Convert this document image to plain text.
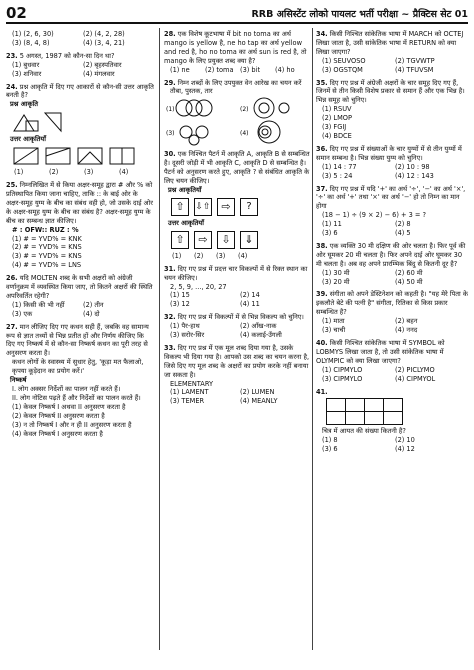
02	RRB असिस्टेंट लोको पायलट भर्ती परीक्षा ~ प्रैक्टिस सेट 01
(1) (2, 6, 30)	(2) (4, 2, 28)
(3) (8, 4, 8)	(4) (3, 4, 21)
23. 5 अगस्त, 1987 को कौन-सा दिन था?
(1) बुधवार	(2) बृहस्पतिवार
(3) शनिवार	(4) मंगलवार
24. प्रश्न आकृति में दिए गए आकारों से कौन-सी उत्तर आकृति बनती है?
प्रश्न आकृति
उत्तर आकृतियाँ
(1)	(2)	(3)	(4)
25. निम्नलिखित में से किया अक्षर-समूह द्वारा # और % को प्रतिस्थापित किया जाना चाहिए, ताकि :: के बाई ओर के अक्षर-समूह युग्म के बीच का संबंध वही हो, जो उसके दाई ओर के अक्षर-समूह युग्म के बीच का संबंध है? अक्षर-समूह युग्म के बीच का सम्बन्ध ज्ञात कीजिए।
# : OFW:: RUZ : %
(1) # = YVD% = KNK
(2) # = YVD% = KNS
(3) # = YVD% = KNS
(4) # = YVD% = LNS
26. यदि MOLTEN शब्द के सभी अक्षरों को अंग्रेजी वर्णानुक्रम में व्यवस्थित किया जाए, तो कितने अक्षरों की स्थिति अपरिवर्तित रहेगी?
(1) किसी की भी नहीं	(2) तीन
(3) एक	(4) दो
27. मान लीजिए दिए गए कथन सही हैं, जबकि वह सामान्य रूप से ज्ञात तथ्यों से भिन्न प्रतीत हों और निर्णय कीजिए कि दिए गए निष्कर्ष में से कौन-सा निष्कर्ष कथन का पूरी तरह से अनुसरण करता है।
कथन लोगों के स्वास्थ्य में सुधार हेतु, 'कूड़ा मत फैलाओ, कृपया कूड़ेदान का प्रयोग करें।'
निष्कर्ष
I. लोग अक्सर निर्देशों का पालन नहीं करते हैं।
II. लोग नोटिस पढ़ते हैं और निर्देशों का पालन करते हैं।
(1) केवल निष्कर्ष I अथवा II अनुसरण करता है
(2) केवल निष्कर्ष II अनुसरण करता है
(3) न तो निष्कर्ष I और न ही II अनुसरण करता है
(4) केवल निष्कर्ष I अनुसरण करता है
28. एक विशेष कूटभाषा में bit no toma का अर्थ mango is yellow है, ne ho tap का अर्थ yellow and red है, ho no toma का अर्थ sun is red है, तो mango के लिए प्रयुक्त शब्द क्या है?
(1) ne	(2) toma (3) bit	(4) ho
29. निम्न शब्दों के लिए उपयुक्त वेन आरेख का चयन करें
तौबा, पुस्तक, तार
(1)	(2)
(3)	(4)
30. एक निश्चित पैटर्न में आकृति A, आकृति B से सम्बन्धित है। दूसरी जोड़ी में भी आकृति C, आकृति D से सम्बन्धित है। पैटर्न को अनुसरण करते हुए, आकृति ? से संबंधित आकृति के लिए चयन कीजिए।
प्रश्न आकृतियाँ
⇧	⇩⇧ ⇨	?
उत्तर आकृतियाँ
⇧	⇨	⇩	⇓
(1)	(2)	(3)	(4)
31. दिए गए प्रश्न में प्रदत्त चार विकल्पों में से रिक्त स्थान का चयन कीजिए।
2, 5, 9, ..., 20, 27
(1) 15	(2) 14
(3) 12	(4) 11
32. दिए गए प्रश्न में विकल्पों में से भिन्न विकल्प को चुनिए।
(1) पैर-हाथ	(2) आँख-नाक
(3) सरोर-सिर	(4) कलाई-उँगली
33. दिए गए प्रश्न में एक मूल शब्द दिया गया है, उसके विकल्प भी दिया गया है। आपको उस शब्द का चयन करना है, जिसे दिए गए मूल शब्द के अक्षरों का प्रयोग करके नहीं बनाया जा सकता है।
ELEMENTARY
(1) LAMENT	(2) LUMEN
(3) TEMER	(4) MEANLY
34. किसी निश्चित सांकेतिक भाषा में MARCH को OCTEJ लिखा जाता है, उसी सांकेतिक भाषा में RETURN को क्या लिखा जाएगा?
(1) SEUVOSO	(2) TGVWTP
(3) OGSTQM	(4) TFUVSM
35. दिए गए प्रश्न में अंग्रेजी अक्षरों के चार समूह दिए गए हैं, जिनमें से तीन किसी विशेष प्रकार से समान हैं और एक भिन्न है। भिन्न समूह को चुनिए।
(1) RSUV
(2) LMOP
(3) FGIJ
(4) BDCE
36. दिए गए प्रश्न में संख्याओं के चार युग्मों में से तीन युग्मों में समान सम्बन्ध है। भिन्न संख्या युग्म को चुनिए।
(1) 14 : 77	(2) 10 : 98
(3) 5 : 24	(4) 12 : 143
37. दिए गए प्रश्न में यदि '+' का अर्थ '÷', '−' का अर्थ '×', '÷' का अर्थ '+' तथा '×' का अर्थ '−' हो तो निम्न का मान होगा
(18 − 1) ÷ (9 × 2) − 6) + 3 = ?
(1) 11	(2) 8
(3) 6	(4) 5
38. एक व्यक्ति 30 मी दक्षिण की ओर चलता है। फिर पूर्व की ओर घूमकर 20 मी चलता है। फिर अपने दाई ओर घूमकर 30 मी चलता है। अब वह अपने प्रारम्भिक बिंदु से कितनी दूर है?
(1) 30 मी	(2) 60 मी
(3) 20 मी	(4) 50 मी
39. संगीता को अपने डेस्टिनेशन को कहती है। "यह मेरे पिता के इकलौते बेटे की पत्नी है" संगीता, रितिका से किस प्रकार सम्बन्धित है?
(1) माता	(2) बहन
(3) चाची	(4) ननद
40. किसी निश्चित सांकेतिक भाषा में SYMBOL को LOBMYS लिखा जाता है, तो उसी सांकेतिक भाषा में OLYMPIC को क्या लिखा जाएगा?
(1) CIPMYLO	(2) PICLYMO
(3) CIPMYLO	(4) CIPMYOL
41.

चित्र में आयत की संख्या कितनी है?
(1) 8	(2) 10
(3) 6	(4) 12
